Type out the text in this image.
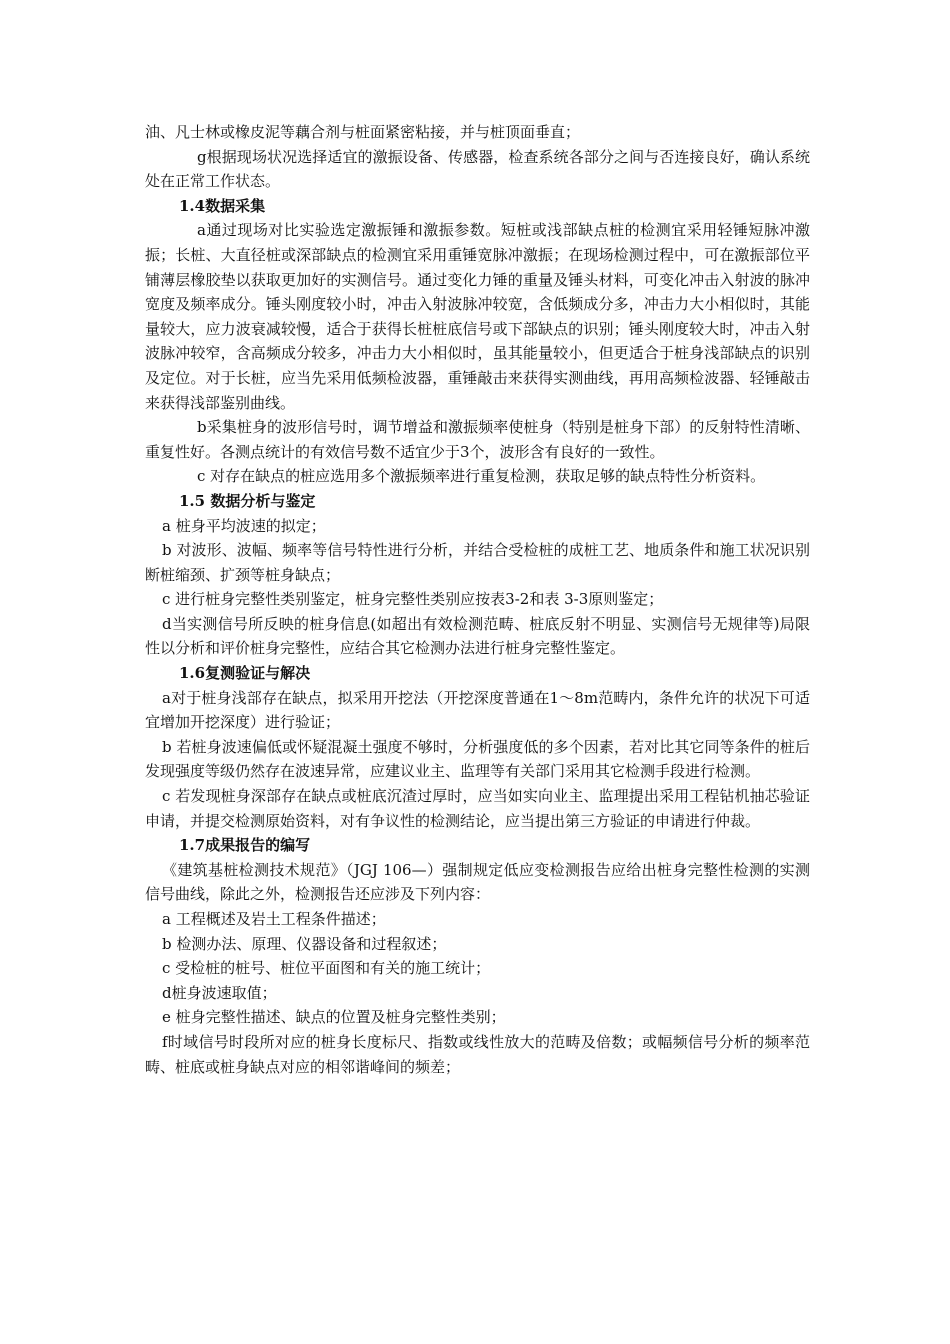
油、凡士林或橡皮泥等藕合剂与桩面紧密粘接，并与桩顶面垂直；

g根据现场状况选择适宜的激振设备、传感器，检查系统各部分之间与否连接良好，确认系统处在正常工作状态。

1.4数据采集

a通过现场对比实验选定激振锤和激振参数。短桩或浅部缺点桩的检测宜采用轻锤短脉冲激振；长桩、大直径桩或深部缺点的检测宜采用重锤宽脉冲激振；在现场检测过程中，可在激振部位平铺薄层橡胶垫以获取更加好的实测信号。通过变化力锤的重量及锤头材料，可变化冲击入射波的脉冲宽度及频率成分。锤头刚度较小时，冲击入射波脉冲较宽，含低频成分多，冲击力大小相似时，其能量较大，应力波衰减较慢，适合于获得长桩桩底信号或下部缺点的识别；锤头刚度较大时，冲击入射波脉冲较窄，含高频成分较多，冲击力大小相似时，虽其能量较小，但更适合于桩身浅部缺点的识别及定位。对于长桩，应当先采用低频检波器，重锤敲击来获得实测曲线，再用高频检波器、轻锤敲击来获得浅部鉴别曲线。

b采集桩身的波形信号时，调节增益和激振频率使桩身（特别是桩身下部）的反射特性清晰、重复性好。各测点统计的有效信号数不适宜少于3个，波形含有良好的一致性。

c 对存在缺点的桩应选用多个激振频率进行重复检测，获取足够的缺点特性分析资料。

1.5 数据分析与鉴定

a 桩身平均波速的拟定；

b 对波形、波幅、频率等信号特性进行分析，并结合受检桩的成桩工艺、地质条件和施工状况识别断桩缩颈、扩颈等桩身缺点；

c 进行桩身完整性类别鉴定，桩身完整性类别应按表3-2和表 3-3原则鉴定；

d当实测信号所反映的桩身信息(如超出有效检测范畴、桩底反射不明显、实测信号无规律等)局限性以分析和评价桩身完整性，应结合其它检测办法进行桩身完整性鉴定。

1.6复测验证与解决

a对于桩身浅部存在缺点，拟采用开挖法（开挖深度普通在1～8m范畴内，条件允许的状况下可适宜增加开挖深度）进行验证；

b 若桩身波速偏低或怀疑混凝土强度不够时，分析强度低的多个因素，若对比其它同等条件的桩后发现强度等级仍然存在波速异常，应建议业主、监理等有关部门采用其它检测手段进行检测。

c 若发现桩身深部存在缺点或桩底沉渣过厚时，应当如实向业主、监理提出采用工程钻机抽芯验证申请，并提交检测原始资料，对有争议性的检测结论，应当提出第三方验证的申请进行仲裁。

1.7成果报告的编写

《建筑基桩检测技术规范》（JGJ 106—）强制规定低应变检测报告应给出桩身完整性检测的实测信号曲线，除此之外，检测报告还应涉及下列内容：

a 工程概述及岩土工程条件描述；

b 检测办法、原理、仪器设备和过程叙述；

c 受检桩的桩号、桩位平面图和有关的施工统计；

d桩身波速取值；

e 桩身完整性描述、缺点的位置及桩身完整性类别；

f时域信号时段所对应的桩身长度标尺、指数或线性放大的范畴及倍数；或幅频信号分析的频率范畴、桩底或桩身缺点对应的相邻谐峰间的频差；
